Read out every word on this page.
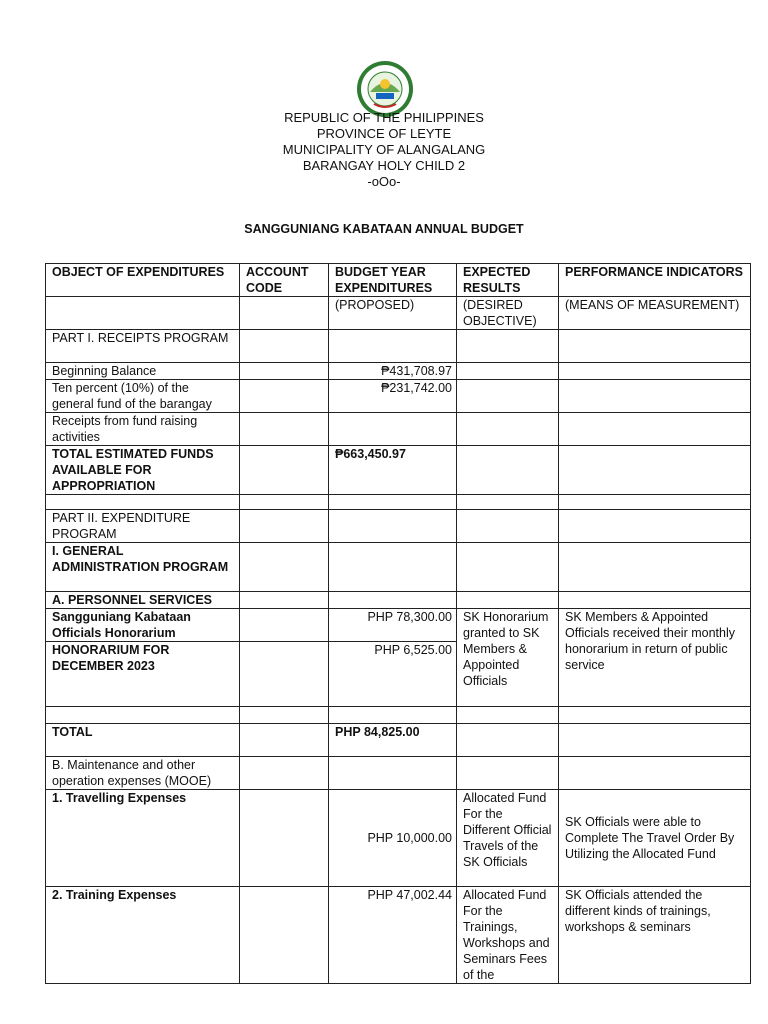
REPUBLIC OF THE PHILIPPINES
PROVINCE OF LEYTE
MUNICIPALITY OF ALANGALANG
BARANGAY HOLY CHILD 2
-oOo-
SANGGUNIANG KABATAAN ANNUAL BUDGET
OBJECT OF EXPENDITURES	ACCOUNT CODE	BUDGET YEAR EXPENDITURES	EXPECTED RESULTS	PERFORMANCE INDICATORS
		(PROPOSED)	(DESIRED OBJECTIVE)	(MEANS OF MEASUREMENT)
PART I. RECEIPTS PROGRAM				
Beginning Balance		₱431,708.97		
Ten percent (10%) of the general fund of the barangay		₱231,742.00		
Receipts from fund raising activities				
TOTAL ESTIMATED FUNDS AVAILABLE FOR APPROPRIATION		₱663,450.97		

PART II. EXPENDITURE PROGRAM				
I. GENERAL ADMINISTRATION PROGRAM				
A. PERSONNEL SERVICES				
Sangguniang Kabataan Officials Honorarium		PHP 78,300.00	SK Honorarium granted to SK Members & Appointed Officials	SK Members & Appointed Officials received their monthly honorarium in return of public service
HONORARIUM FOR DECEMBER 2023		PHP 6,525.00		

TOTAL		PHP 84,825.00		
B. Maintenance and other operation expenses (MOOE)				
1. Travelling Expenses		PHP 10,000.00	Allocated Fund For the Different Official Travels of the SK Officials	SK Officials were able to Complete The Travel Order By Utilizing the Allocated Fund
2. Training Expenses		PHP 47,002.44	Allocated Fund For the Trainings, Workshops and Seminars Fees of the	SK Officials attended the different kinds of trainings, workshops & seminars
